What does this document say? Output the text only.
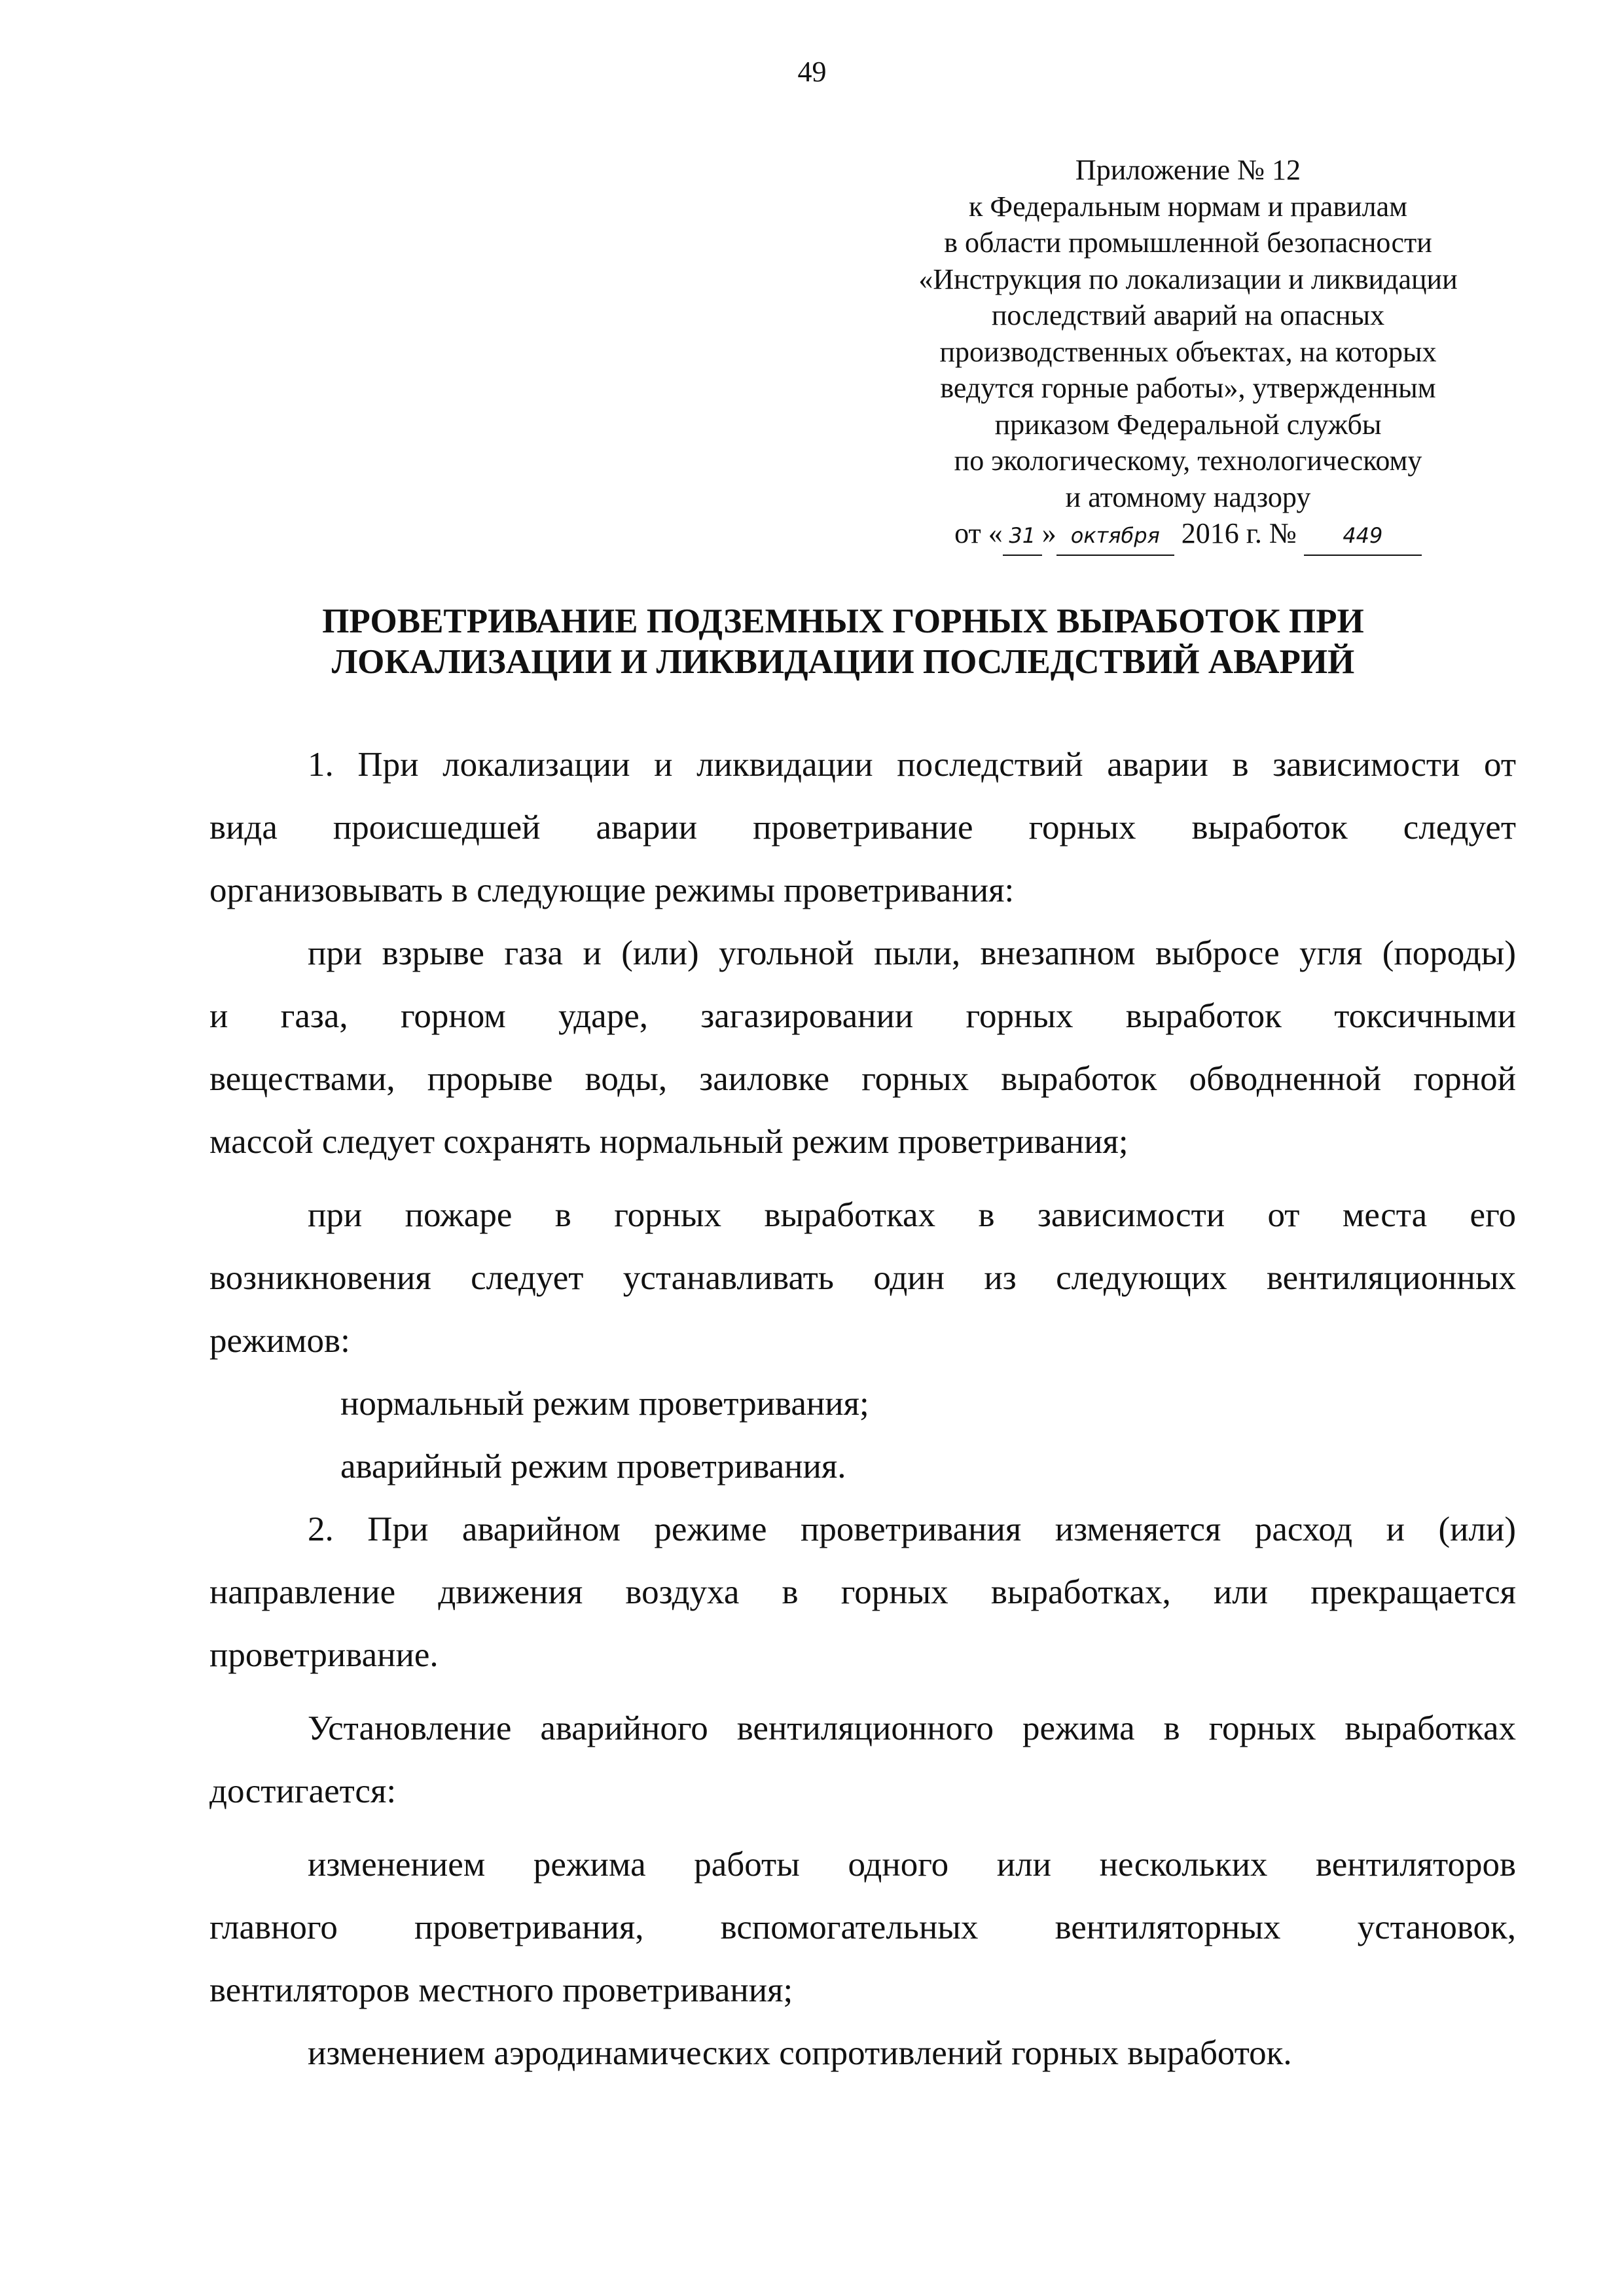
49
Приложение № 12
к Федеральным нормам и правилам
в области промышленной безопасности
«Инструкция по локализации и ликвидации
последствий аварий на опасных
производственных объектах, на которых
ведутся горные работы», утвержденным
приказом Федеральной службы
по экологическому, технологическому
и атомному надзору
от « 31 » октября 2016 г. № 449
ПРОВЕТРИВАНИЕ ПОДЗЕМНЫХ ГОРНЫХ ВЫРАБОТОК ПРИ
ЛОКАЛИЗАЦИИ И ЛИКВИДАЦИИ ПОСЛЕДСТВИЙ АВАРИЙ
1. При локализации и ликвидации последствий аварии в зависимости от
вида происшедшей аварии проветривание горных выработок следует
организовывать в следующие режимы проветривания:
при взрыве газа и (или) угольной пыли, внезапном выбросе угля (породы)
и газа, горном ударе, загазировании горных выработок токсичными
веществами, прорыве воды, заиловке горных выработок обводненной горной
массой следует сохранять нормальный режим проветривания;
при пожаре в горных выработках в зависимости от места его
возникновения следует устанавливать один из следующих вентиляционных
режимов:
нормальный режим проветривания;
аварийный режим проветривания.
2. При аварийном режиме проветривания изменяется расход и (или)
направление движения воздуха в горных выработках, или прекращается
проветривание.
Установление аварийного вентиляционного режима в горных выработках
достигается:
изменением режима работы одного или нескольких вентиляторов
главного проветривания, вспомогательных вентиляторных установок,
вентиляторов местного проветривания;
изменением аэродинамических сопротивлений горных выработок.
